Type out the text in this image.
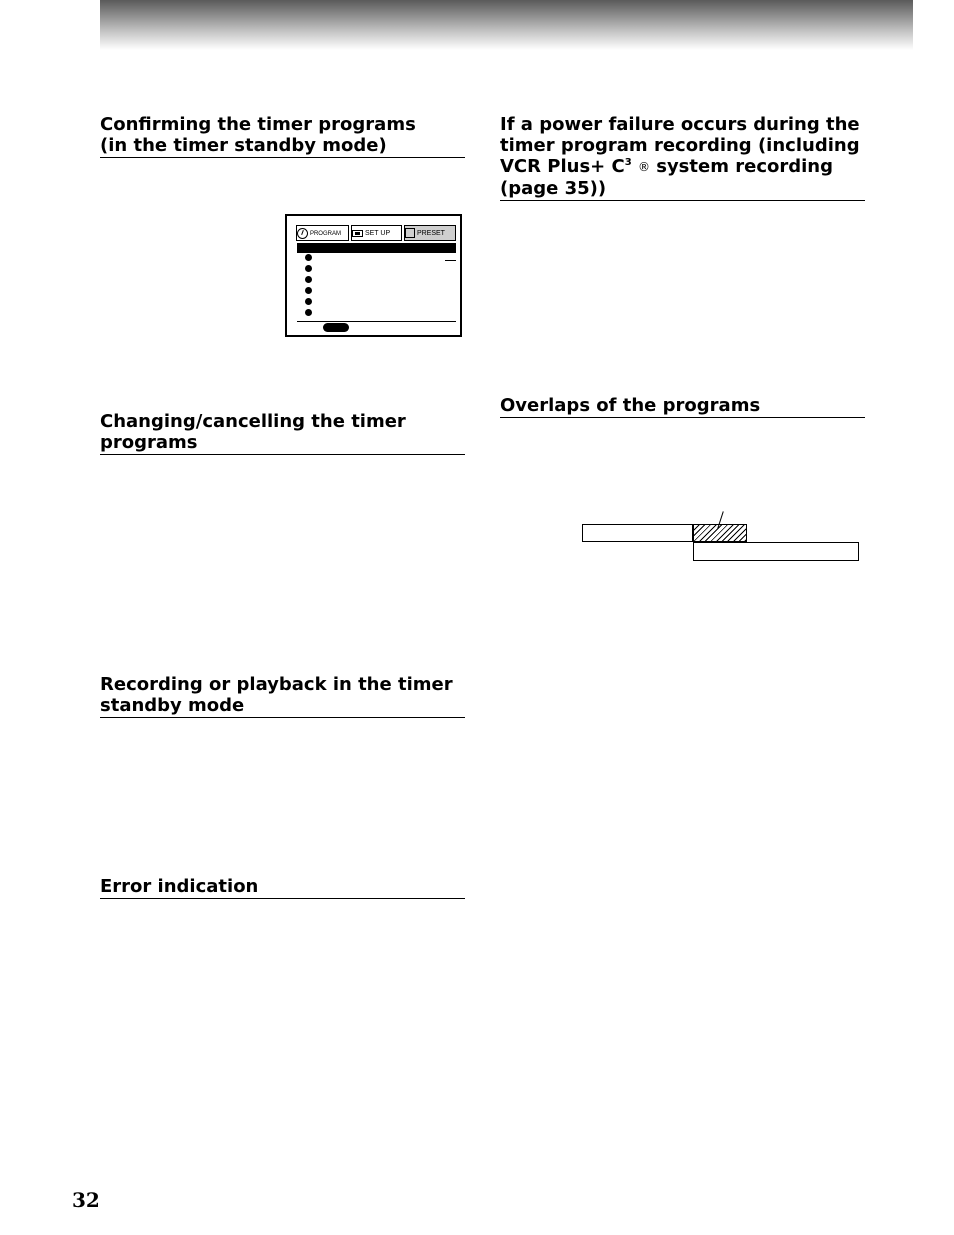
Confirming the timer programs
(in the timer standby mode)
PROGRAM	SET UP	PRESET
Changing/cancelling the timer
programs
Recording or playback in the timer
standby mode
Error indication
If a power failure occurs during the
timer program recording (including
VCR Plus+ $C^3$ ® system recording
(page 35))
Overlaps of the programs
32
